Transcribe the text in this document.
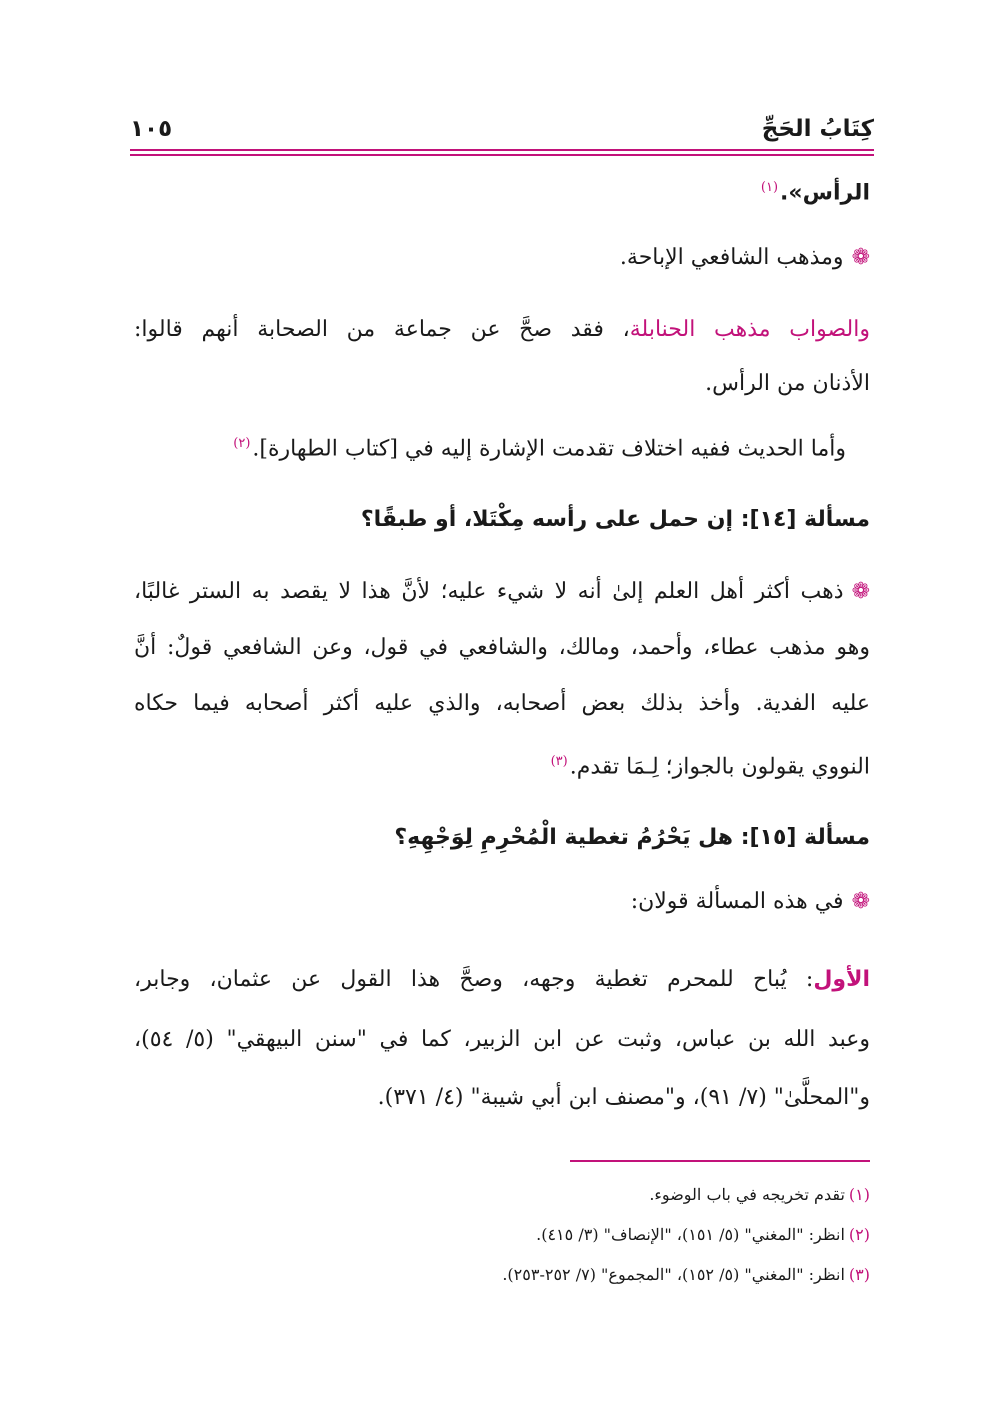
كِتَابُ الحَجِّ
١٠٥
الرأس».$^{(١)}$
❁ومذهب الشافعي الإباحة.
والصواب مذهب الحنابلة، فقد صحَّ عن جماعة من الصحابة أنهم قالوا:
الأذنان من الرأس.
وأما الحديث ففيه اختلاف تقدمت الإشارة إليه في [كتاب الطهارة].$^{(٢)}$
مسألة [١٤]: إن حمل على رأسه مِكْتَلا، أو طبقًا؟
❁ذهب أكثر أهل العلم إلىٰ أنه لا شيء عليه؛ لأنَّ هذا لا يقصد به الستر غالبًا،
وهو مذهب عطاء، وأحمد، ومالك، والشافعي في قول، وعن الشافعي قولٌ: أنَّ
عليه الفدية. وأخذ بذلك بعض أصحابه، والذي عليه أكثر أصحابه فيما حكاه
النووي يقولون بالجواز؛ لِـمَا تقدم.$^{(٣)}$
مسألة [١٥]: هل يَحْرُمُ تغطية الْمُحْرِمِ لِوَجْهِهِ؟
❁في هذه المسألة قولان:
الأول: يُباح للمحرم تغطية وجهه، وصحَّ هذا القول عن عثمان، وجابر،
وعبد الله بن عباس، وثبت عن ابن الزبير، كما في "سنن البيهقي" (٥/ ٥٤)،
و"المحلَّىٰ" (٧/ ٩١)، و"مصنف ابن أبي شيبة" (٤/ ٣٧١).
(١)تقدم تخريجه في باب الوضوء.
(٢)انظر: "المغني" (٥/ ١٥١)، "الإنصاف" (٣/ ٤١٥).
(٣)انظر: "المغني" (٥/ ١٥٢)، "المجموع" (٧/ ٢٥٢-٢٥٣).
